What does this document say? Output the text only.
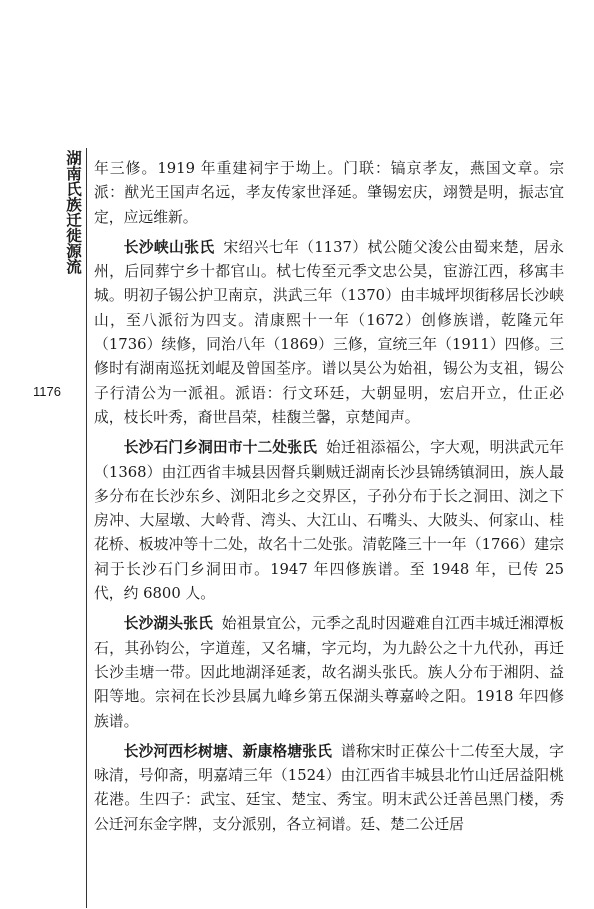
湖南氏族迁徙源流
1176

年三修。1919 年重建祠宇于坳上。门联：镐京孝友，燕国文章。宗派：猷光王国声名远，孝友传家世泽延。肇锡宏庆，翊赞是明，振志宜定，应远维新。

长沙峡山张氏 宋绍兴七年（1137）栻公随父浚公由蜀来楚，居永州，后同葬宁乡十都官山。栻七传至元季文忠公昊，宦游江西，移寓丰城。明初子锡公护卫南京，洪武三年（1370）由丰城坪坝街移居长沙峡山，至八派衍为四支。清康熙十一年（1672）创修族谱，乾隆元年（1736）续修，同治八年（1869）三修，宣统三年（1911）四修。三修时有湖南巡抚刘崐及曾国荃序。谱以昊公为始祖，锡公为支祖，锡公子行清公为一派祖。派语：行文环廷，大朝显明，宏启开立，仕正必成，枝长叶秀，裔世昌荣，桂馥兰馨，京楚闻声。

长沙石门乡洞田市十二处张氏 始迁祖添福公，字大观，明洪武元年（1368）由江西省丰城县因督兵剿贼迁湖南长沙县锦绣镇洞田，族人最多分布在长沙东乡、浏阳北乡之交界区，子孙分布于长之洞田、浏之下房冲、大屋墩、大岭背、湾头、大江山、石嘴头、大陂头、何家山、桂花桥、板坡冲等十二处，故名十二处张。清乾隆三十一年（1766）建宗祠于长沙石门乡洞田市。1947 年四修族谱。至 1948 年，已传 25 代，约 6800 人。

长沙湖头张氏 始祖景宜公，元季之乱时因避难自江西丰城迁湘潭板石，其孙钧公，字道莲，又名墉，字元均，为九龄公之十九代孙，再迁长沙圭塘一带。因此地湖泽延袤，故名湖头张氏。族人分布于湘阴、益阳等地。宗祠在长沙县属九峰乡第五保湖头尊嘉岭之阳。1918 年四修族谱。

长沙河西杉树塘、新康格塘张氏 谱称宋时正葆公十二传至大晟，字咏清，号仰斋，明嘉靖三年（1524）由江西省丰城县北竹山迁居益阳桃花港。生四子：武宝、廷宝、楚宝、秀宝。明末武公迁善邑黑门楼，秀公迁河东金字牌，支分派别，各立祠谱。廷、楚二公迁居
